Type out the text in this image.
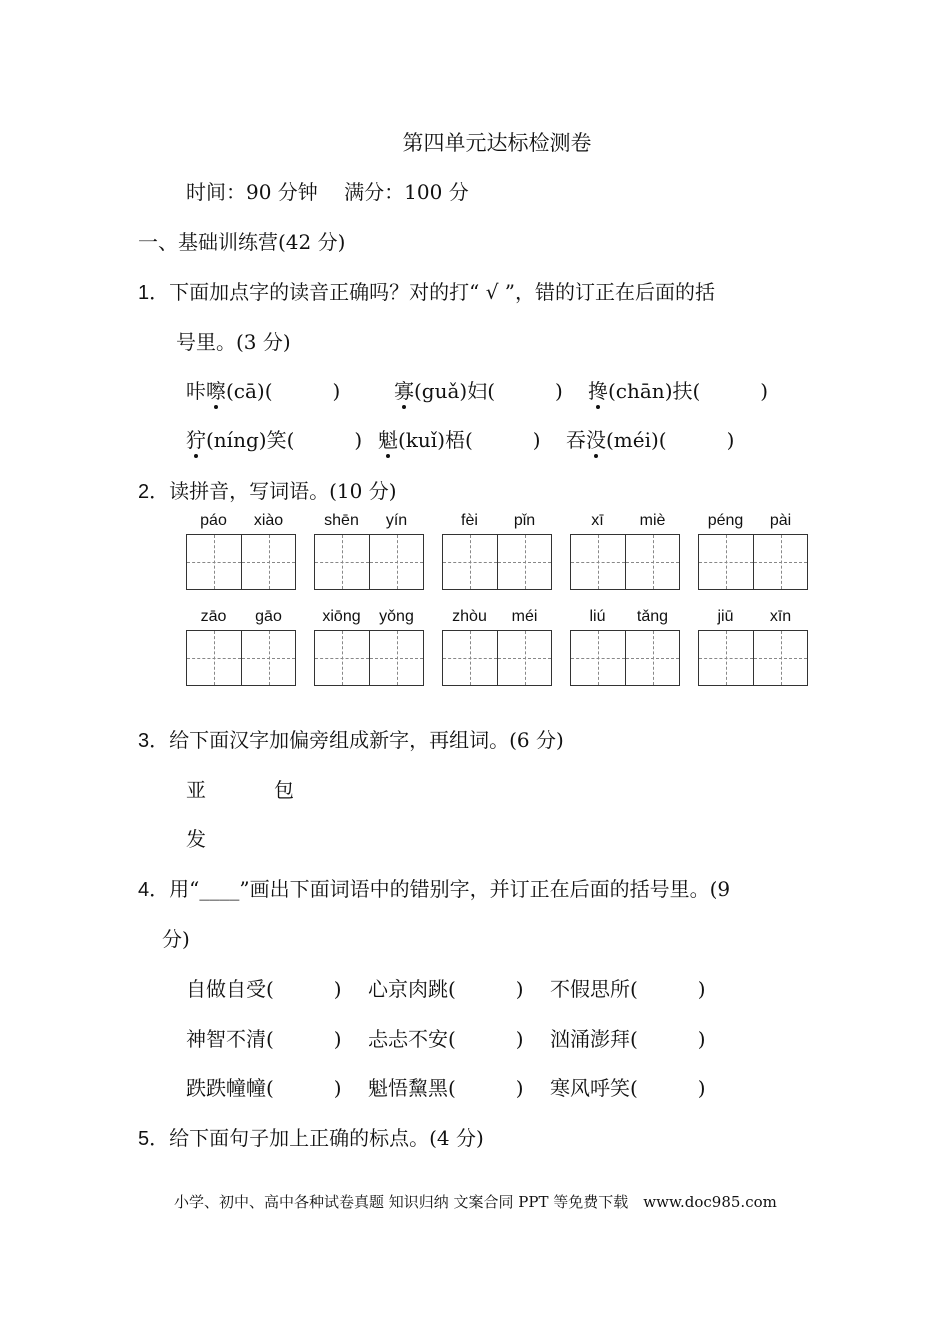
第四单元达标检测卷
时间：90 分钟　 满分：100 分
一、基础训练营(42 分)
1．下面加点字的读音正确吗？对的打“ √ ”，错的订正在后面的括
号里。(3 分)
咔嚓(cā)(　　　)	寡(guǎ)妇(　　　) 搀(chān)扶(　　　)
狞(níng)笑(　　　) 魁(kuǐ)梧(　　　) 吞没(méi)(　　　)
2．读拼音，写词语。(10 分)
páo	xiào	shēn	yín	fèi	pǐn	xī	miè	péng	pài
zāo	gāo	xiōng	yǒng	zhòu	méi	liú	tǎng	jiū	xīn
3．给下面汉字加偏旁组成新字，再组词。(6 分)
亚	包
发
4．用“____”画出下面词语中的错别字，并订正在后面的括号里。(9
分)
自做自受(　　　) 心京肉跳(　　　) 不假思所(　　　)
神智不清(　　　) 忐忐不安(　　　) 汹涌澎拜(　　　)
跌跌幢幢(　　　) 魁悟黧黑(　　　) 寒风呼笑(　　　)
5．给下面句子加上正确的标点。(4 分)
小学、初中、高中各种试卷真题 知识归纳 文案合同 PPT 等免费下载　www.doc985.com
